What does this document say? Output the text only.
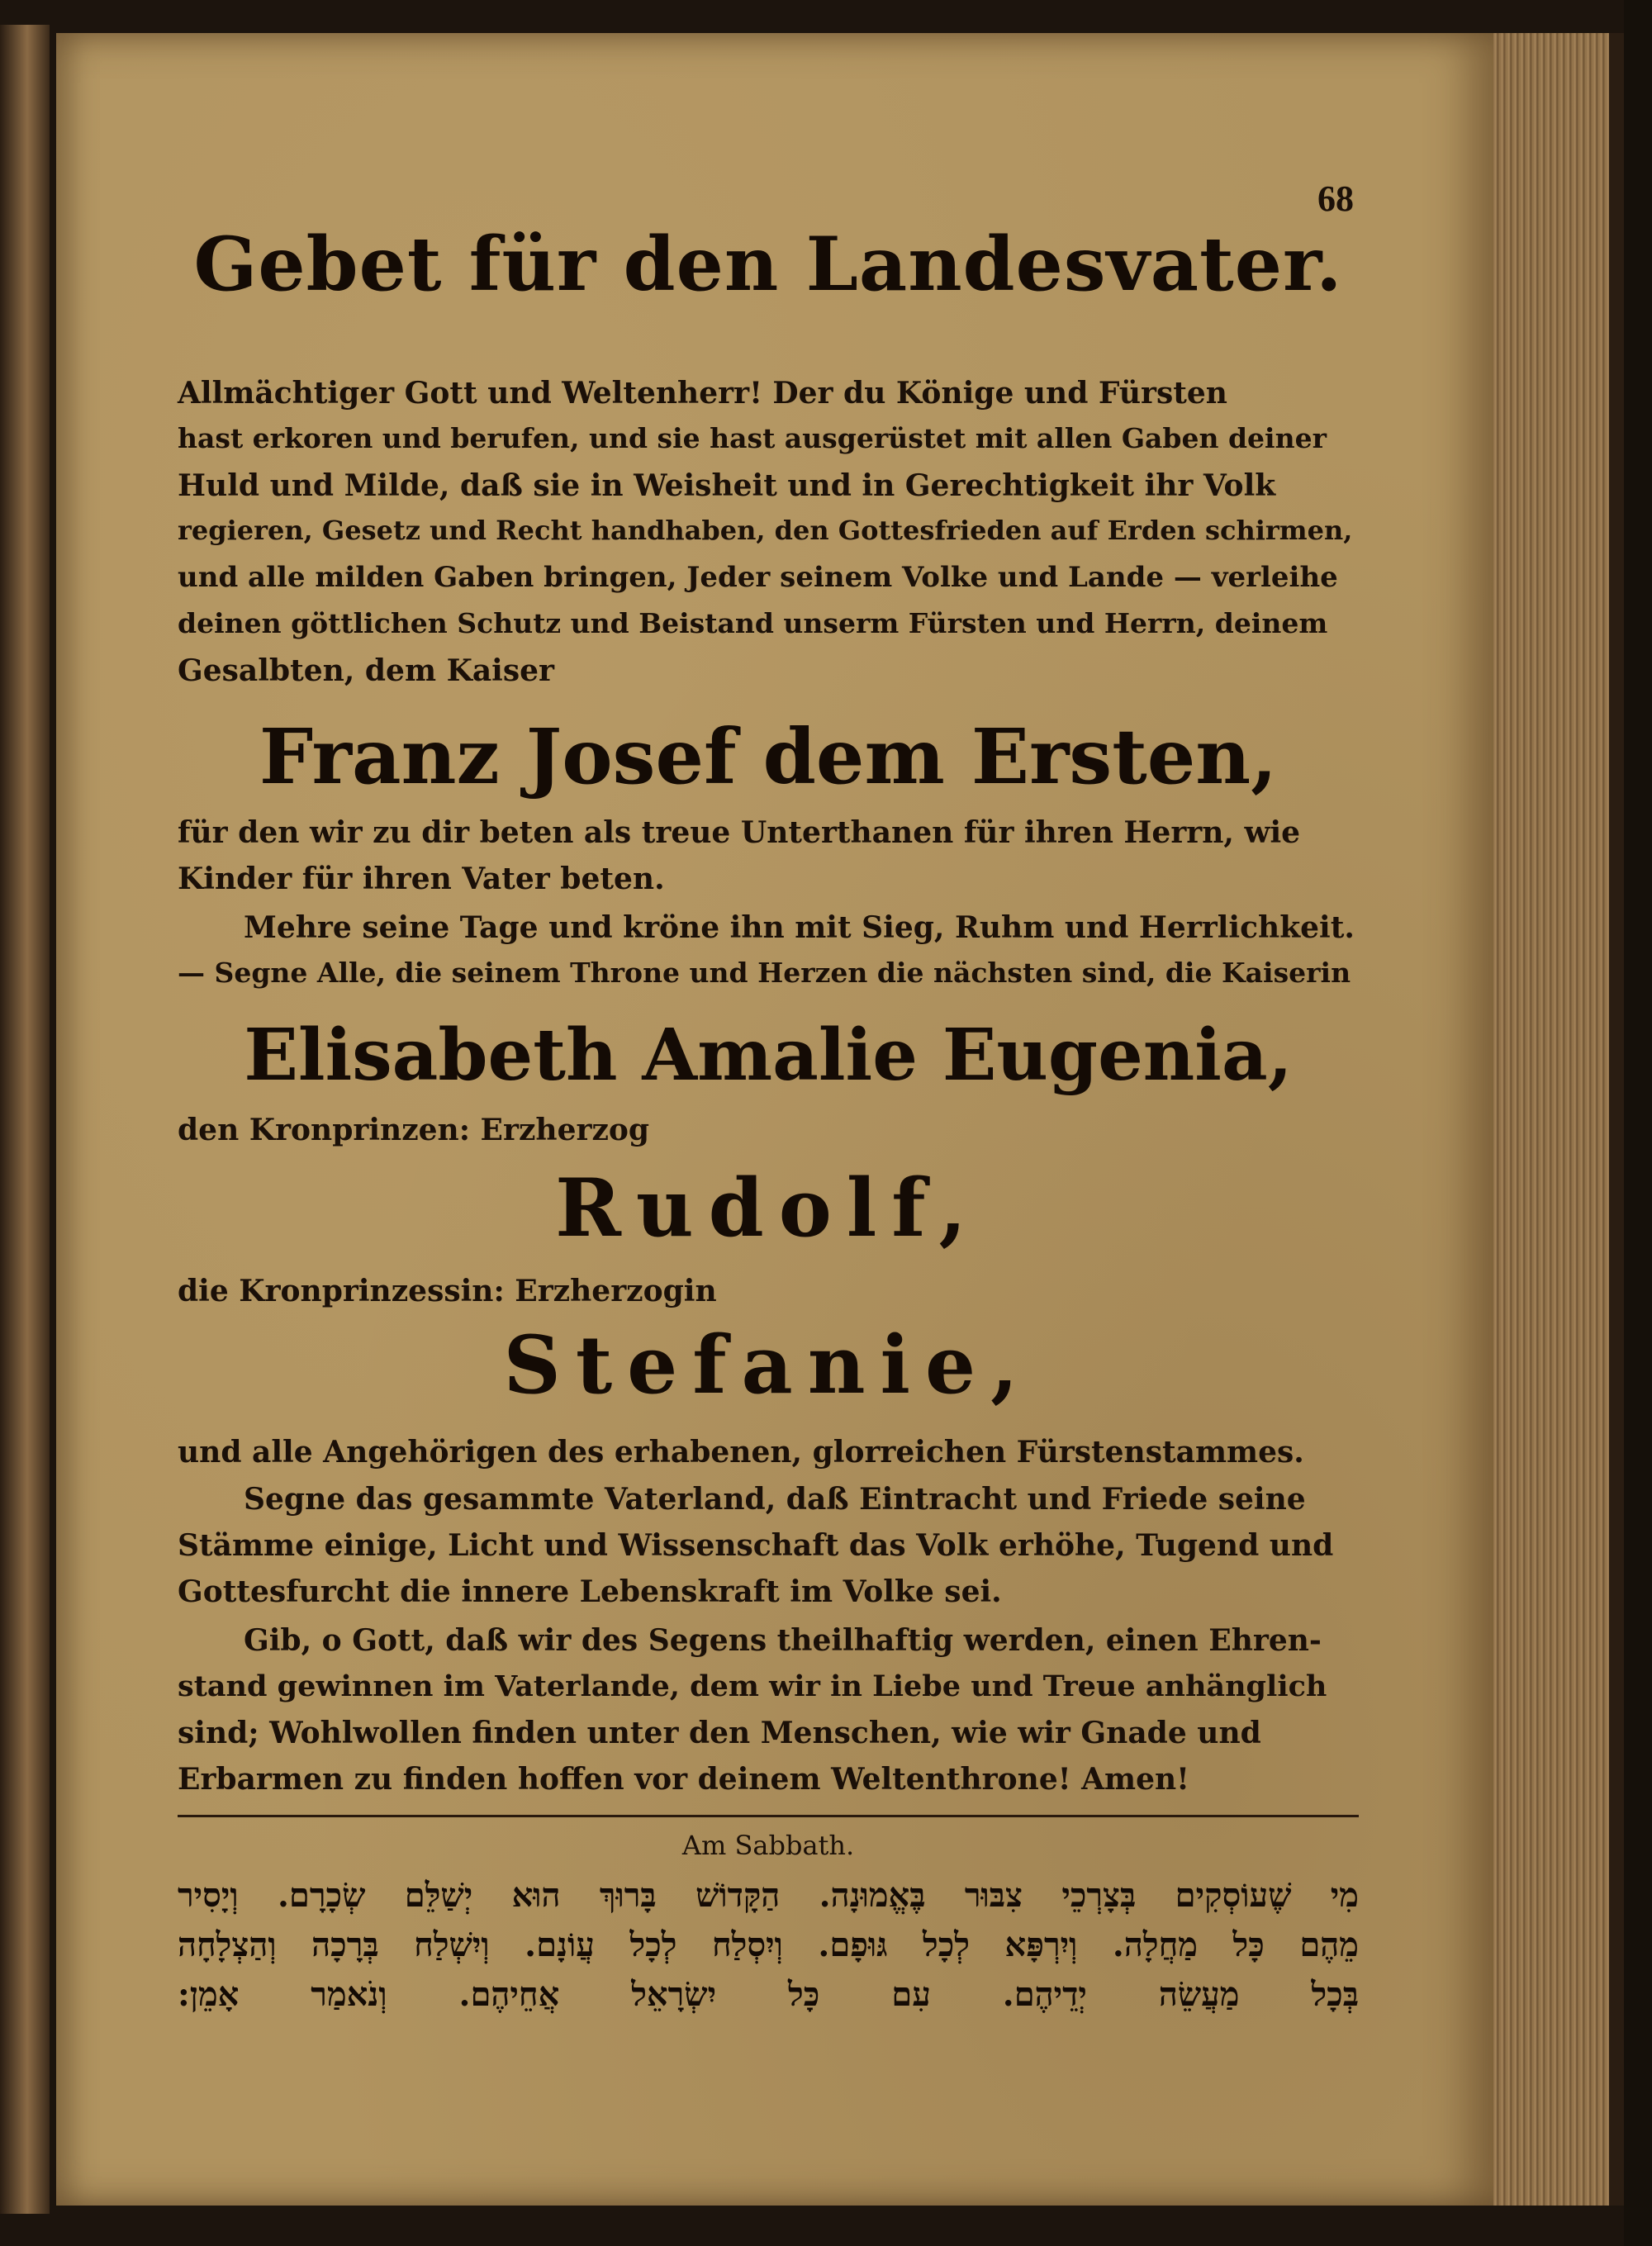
68
Gebet für den Landesvater.
Allmächtiger Gott und Weltenherr! Der du Könige und Fürsten
hast erkoren und berufen, und sie hast ausgerüstet mit allen Gaben deiner
Huld und Milde, daß sie in Weisheit und in Gerechtigkeit ihr Volk
regieren, Gesetz und Recht handhaben, den Gottesfrieden auf Erden schirmen,
und alle milden Gaben bringen, Jeder seinem Volke und Lande — verleihe
deinen göttlichen Schutz und Beistand unserm Fürsten und Herrn, deinem
Gesalbten, dem Kaiser
Franz Josef dem Ersten,
für den wir zu dir beten als treue Unterthanen für ihren Herrn, wie
Kinder für ihren Vater beten.
Mehre seine Tage und kröne ihn mit Sieg, Ruhm und Herrlichkeit.
— Segne Alle, die seinem Throne und Herzen die nächsten sind, die Kaiserin
Elisabeth Amalie Eugenia,
den Kronprinzen: Erzherzog
Rudolf,
die Kronprinzessin: Erzherzogin
Stefanie,
und alle Angehörigen des erhabenen, glorreichen Fürstenstammes.
Segne das gesammte Vaterland, daß Eintracht und Friede seine
Stämme einige, Licht und Wissenschaft das Volk erhöhe, Tugend und
Gottesfurcht die innere Lebenskraft im Volke sei.
Gib, o Gott, daß wir des Segens theilhaftig werden, einen Ehren-
stand gewinnen im Vaterlande, dem wir in Liebe und Treue anhänglich
sind; Wohlwollen finden unter den Menschen, wie wir Gnade und
Erbarmen zu finden hoffen vor deinem Weltenthrone! Amen!
Am Sabbath.
מִי שֶׁעוֹסְקִים בְּצָרְכֵי צִבּוּר בֶּאֱמוּנָה. הַקָּדוֹשׁ בָּרוּךְ הוּא יְשַׁלֵּם שְׂכָרָם. וְיָסִיר
מֵהֶם כָּל מַחֲלָה. וְיִרְפָּא לְכָל גּוּפָם. וְיִסְלַח לְכָל עֲוֹנָם. וְיִשְׁלַח בְּרָכָה וְהַצְלָחָה
בְּכָל מַעֲשֵׂה יְדֵיהֶם. עִם כָּל יִשְׂרָאֵל אֲחֵיהֶם. וְנֹאמַר אָמֵן:
